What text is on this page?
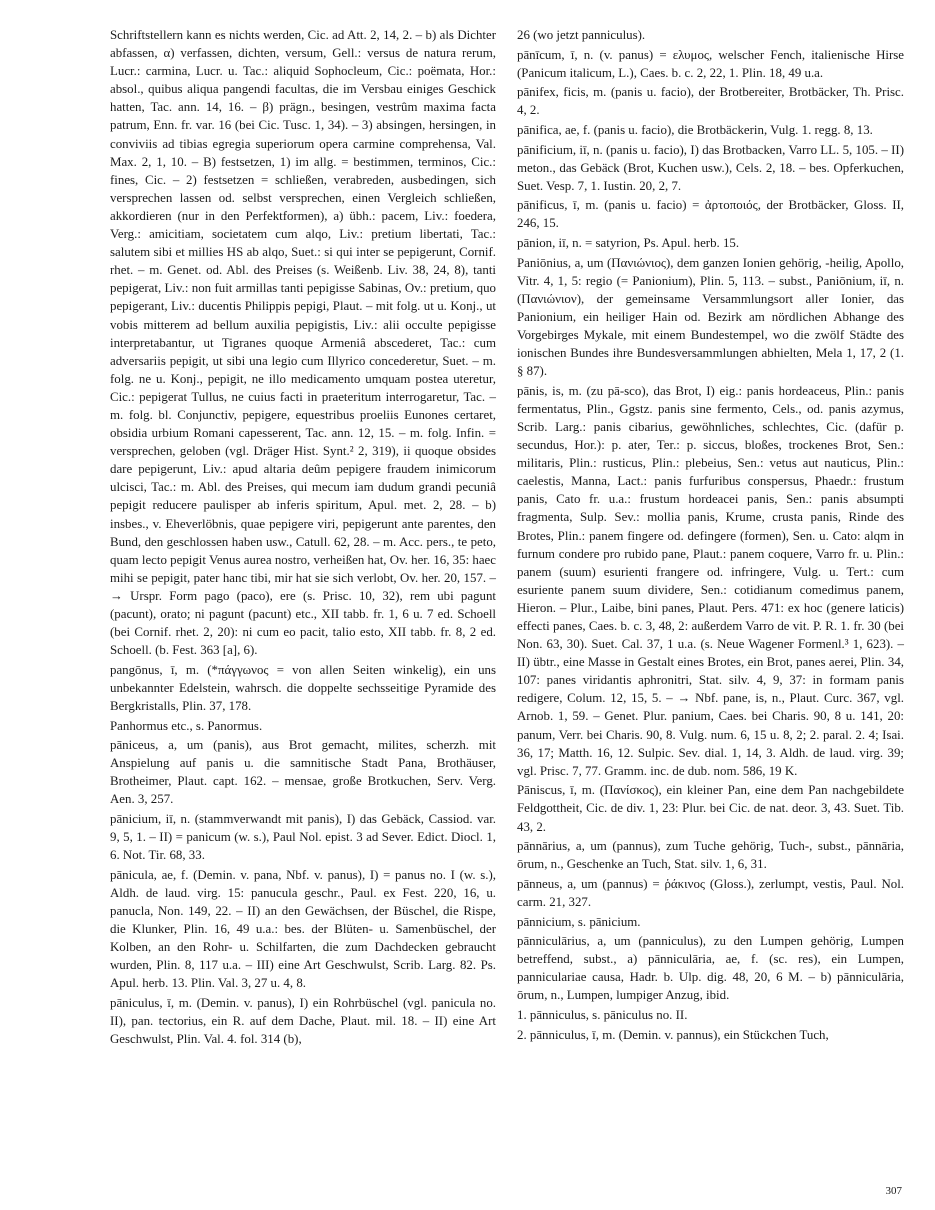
Schriftstellern kann es nichts werden, Cic. ad Att. 2, 14, 2. – b) als Dichter abfassen, α) verfassen, dichten, versum, Gell.: versus de natura rerum, Lucr.: carmina, Lucr. u. Tac.: aliquid Sophocleum, Cic.: poëmata, Hor.: absol., quibus aliqua pangendi facultas, die im Versbau einiges Geschick hatten, Tac. ann. 14, 16. – β) prägn., besingen, vestrûm maxima facta patrum, Enn. fr. var. 16 (bei Cic. Tusc. 1, 34). – 3) absingen, hersingen, in conviviis ad tibias egregia superiorum opera carmine comprehensa, Val. Max. 2, 1, 10. – B) festsetzen, 1) im allg. = bestimmen, terminos, Cic.: fines, Cic. – 2) festsetzen = schließen, verabreden, ausbedingen, sich versprechen lassen od. selbst versprechen, einen Vergleich schließen, akkordieren (nur in den Perfektformen), a) übh.: pacem, Liv.: foedera, Verg.: amicitiam, societatem cum alqo, Liv.: pretium libertati, Tac.: salutem sibi et millies HS ab alqo, Suet.: si qui inter se pepigerunt, Cornif. rhet. – m. Genet. od. Abl. des Preises (s. Weißenb. Liv. 38, 24, 8), tanti pepigerat, Liv.: non fuit armillas tanti pepigisse Sabinas, Ov.: pretium, quo pepigerant, Liv.: ducentis Philippis pepigi, Plaut. – mit folg. ut u. Konj., ut vobis mitterem ad bellum auxilia pepigistis, Liv.: alii occulte pepigisse interpretabantur, ut Tigranes quoque Armeniâ abscederet, Tac.: cum adversariis pepigit, ut sibi una legio cum Illyrico concederetur, Suet. – m. folg. ne u. Konj., pepigit, ne illo medicamento umquam postea uteretur, Cic.: pepigerat Tullus, ne cuius facti in praeteritum interrogaretur, Tac. – m. folg. bl. Conjunctiv, pepigere, equestribus proeliis Eunones certaret, obsidia urbium Romani capesserent, Tac. ann. 12, 15. – m. folg. Infin. = versprechen, geloben (vgl. Dräger Hist. Synt.² 2, 319), ii quoque obsides dare pepigerunt, Liv.: apud altaria deûm pepigere fraudem inimicorum ulcisci, Tac.: m. Abl. des Preises, qui mecum iam dudum grandi pecuniâ pepigit reducere paulisper ab inferis spiritum, Apul. met. 2, 28. – b) insbes., v. Eheverlöbnis, quae pepigere viri, pepigerunt ante parentes, den Bund, den geschlossen haben usw., Catull. 62, 28. – m. Acc. pers., te peto, quam lecto pepigit Venus aurea nostro, verheißen hat, Ov. her. 16, 35: haec mihi se pepigit, pater hanc tibi, mir hat sie sich verlobt, Ov. her. 20, 157. – → Urspr. Form pago (paco), ere (s. Prisc. 10, 32), rem ubi pagunt (pacunt), orato; ni pagunt (pacunt) etc., XII tabb. fr. 1, 6 u. 7 ed. Schoell (bei Cornif. rhet. 2, 20): ni cum eo pacit, talio esto, XII tabb. fr. 8, 2 ed. Schoell. (b. Fest. 363 [a], 6).

pangōnus, ī, m. (*πάγγωνος = von allen Seiten winkelig), ein uns unbekannter Edelstein, wahrsch. die doppelte sechsseitige Pyramide des Bergkristalls, Plin. 37, 178.

Panhormus etc., s. Panormus.

pāniceus, a, um (panis), aus Brot gemacht, milites, scherzh. mit Anspielung auf panis u. die samnitische Stadt Pana, Brothäuser, Brotheimer, Plaut. capt. 162. – mensae, große Brotkuchen, Serv. Verg. Aen. 3, 257.

pānicium, iī, n. (stammverwandt mit panis), I) das Gebäck, Cassiod. var. 9, 5, 1. – II) = panicum (w. s.), Paul Nol. epist. 3 ad Sever. Edict. Diocl. 1, 6. Not. Tir. 68, 33.

pānicula, ae, f. (Demin. v. pana, Nbf. v. panus), I) = panus no. I (w. s.), Aldh. de laud. virg. 15: panucula geschr., Paul. ex Fest. 220, 16, u. panucla, Non. 149, 22. – II) an den Gewächsen, der Büschel, die Rispe, die Klunker, Plin. 16, 49 u.a.: bes. der Blüten- u. Samenbüschel, der Kolben, an den Rohr- u. Schilfarten, die zum Dachdecken gebraucht wurden, Plin. 8, 117 u.a. – III) eine Art Geschwulst, Scrib. Larg. 82. Ps. Apul. herb. 13. Plin. Val. 3, 27 u. 4, 8.

pāniculus, ī, m. (Demin. v. panus), I) ein Rohrbüschel (vgl. panicula no. II), pan. tectorius, ein R. auf dem Dache, Plaut. mil. 18. – II) eine Art Geschwulst, Plin. Val. 4. fol. 314 (b),

26 (wo jetzt panniculus).

pānīcum, ī, n. (v. panus) = ελυμος, welscher Fench, italienische Hirse (Panicum italicum, L.), Caes. b. c. 2, 22, 1. Plin. 18, 49 u.a.

pānifex, ficis, m. (panis u. facio), der Brotbereiter, Brotbäcker, Th. Prisc. 4, 2.

pānifica, ae, f. (panis u. facio), die Brotbäckerin, Vulg. 1. regg. 8, 13.

pānificium, iī, n. (panis u. facio), I) das Brotbacken, Varro LL. 5, 105. – II) meton., das Gebäck (Brot, Kuchen usw.), Cels. 2, 18. – bes. Opferkuchen, Suet. Vesp. 7, 1. Iustin. 20, 2, 7.

pānificus, ī, m. (panis u. facio) = ἀρτοποιός, der Brotbäcker, Gloss. II, 246, 15.

pānion, iī, n. = satyrion, Ps. Apul. herb. 15.

Paniōnius, a, um (Πανιώνιος), dem ganzen Ionien gehörig, -heilig, Apollo, Vitr. 4, 1, 5: regio (= Panionium), Plin. 5, 113. – subst., Paniōnium, iī, n. (Πανιώνιον), der gemeinsame Versammlungsort aller Ionier, das Panionium, ein heiliger Hain od. Bezirk am nördlichen Abhange des Vorgebirges Mykale, mit einem Bundestempel, wo die zwölf Städte des ionischen Bundes ihre Bundesversammlungen abhielten, Mela 1, 17, 2 (1. § 87).

pānis, is, m. (zu pā-sco), das Brot, I) eig.: panis hordeaceus, Plin.: panis fermentatus, Plin., Ggstz. panis sine fermento, Cels., od. panis azymus, Scrib. Larg.: panis cibarius, gewöhnliches, schlechtes, Cic. (dafür p. secundus, Hor.): p. ater, Ter.: p. siccus, bloßes, trockenes Brot, Sen.: militaris, Plin.: rusticus, Plin.: plebeius, Sen.: vetus aut nauticus, Plin.: caelestis, Manna, Lact.: panis furfuribus conspersus, Phaedr.: frustum panis, Cato fr. u.a.: frustum hordeacei panis, Sen.: panis absumpti fragmenta, Sulp. Sev.: mollia panis, Krume, crusta panis, Rinde des Brotes, Plin.: panem fingere od. defingere (formen), Sen. u. Cato: alqm in furnum condere pro rubido pane, Plaut.: panem coquere, Varro fr. u. Plin.: panem (suum) esurienti frangere od. infringere, Vulg. u. Tert.: cum esuriente panem suum dividere, Sen.: cotidianum comedimus panem, Hieron. – Plur., Laibe, bini panes, Plaut. Pers. 471: ex hoc (genere laticis) effecti panes, Caes. b. c. 3, 48, 2: außerdem Varro de vit. P. R. 1. fr. 30 (bei Non. 63, 30). Suet. Cal. 37, 1 u.a. (s. Neue Wagener Formenl.³ 1, 623). – II) übtr., eine Masse in Gestalt eines Brotes, ein Brot, panes aerei, Plin. 34, 107: panes viridantis aphronitri, Stat. silv. 4, 9, 37: in formam panis redigere, Colum. 12, 15, 5. – → Nbf. pane, is, n., Plaut. Curc. 367, vgl. Arnob. 1, 59. – Genet. Plur. panium, Caes. bei Charis. 90, 8 u. 141, 20: panum, Verr. bei Charis. 90, 8. Vulg. num. 6, 15 u. 8, 2; 2. paral. 2. 4; Isai. 36, 17; Matth. 16, 12. Sulpic. Sev. dial. 1, 14, 3. Aldh. de laud. virg. 39; vgl. Prisc. 7, 77. Gramm. inc. de dub. nom. 586, 19 K.

Pāniscus, ī, m. (Πανίσκος), ein kleiner Pan, eine dem Pan nachgebildete Feldgottheit, Cic. de div. 1, 23: Plur. bei Cic. de nat. deor. 3, 43. Suet. Tib. 43, 2.

pānnārius, a, um (pannus), zum Tuche gehörig, Tuch-, subst., pānnāria, ōrum, n., Geschenke an Tuch, Stat. silv. 1, 6, 31.

pānneus, a, um (pannus) = ῥάκινος (Gloss.), zerlumpt, vestis, Paul. Nol. carm. 21, 327.

pānnicium, s. pānicium.

pānniculārius, a, um (panniculus), zu den Lumpen gehörig, Lumpen betreffend, subst., a) pānniculāria, ae, f. (sc. res), ein Lumpen, panniculariae causa, Hadr. b. Ulp. dig. 48, 20, 6 M. – b) pānniculāria, ōrum, n., Lumpen, lumpiger Anzug, ibid.

1. pānniculus, s. pāniculus no. II.

2. pānniculus, ī, m. (Demin. v. pannus), ein Stückchen Tuch,

307
